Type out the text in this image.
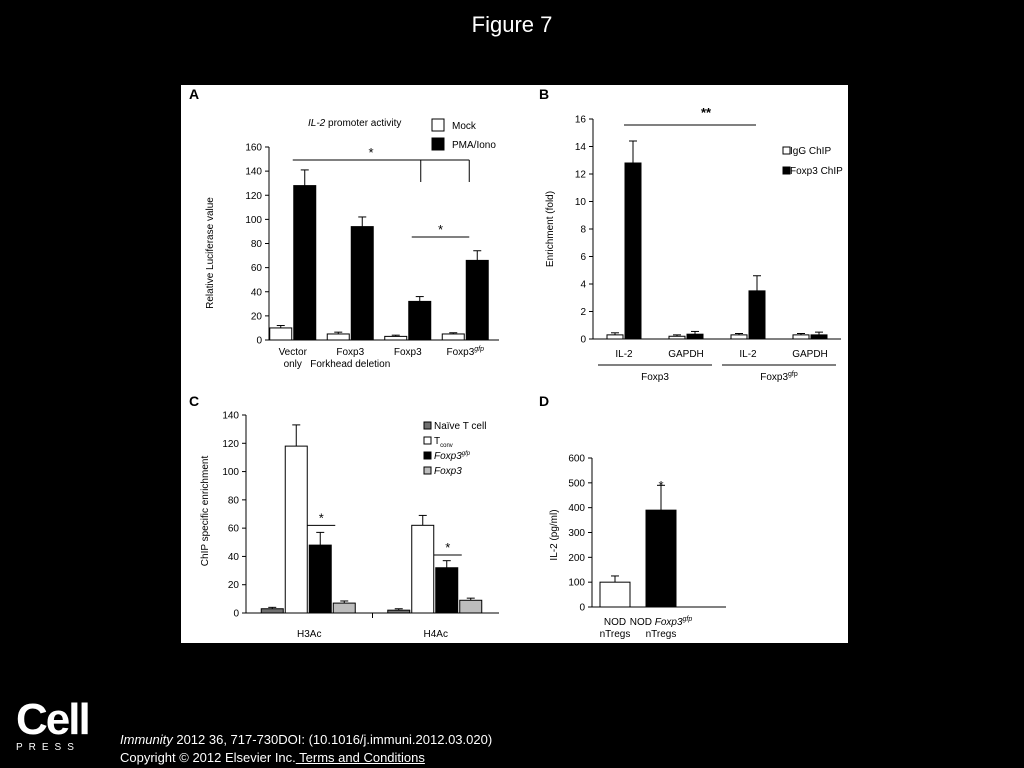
Figure 7
A	B
C	D
0
20
40
60
80
100
120
140
160
IL-2 promoter activity
Relative Luciferase value
Vector
only
Foxp3
Forkhead deletion
Foxp3 $Foxp3^{gfp}$
*
*
Mock
PMA/Iono
0
2
4
6
8
10
12
14
16
Enrichment (fold)
IL-2	GAPDH	IL-2	GAPDH
Foxp3	$Foxp3^{gfp}$
**
IgG ChIP
Foxp3 ChIP
0
20
40
60
80
100
120
140
ChIP specific enrichment
H3Ac
*
H4Ac
*
Naïve T cell
$T_{conv}$
$Foxp3^{gfp}$
Foxp3
0
100
200
300
400
500
600
IL-2 (pg/ml)
NOD
nTregs
NOD $Foxp3^{gfp}$
nTregs
*
Cell
PRESS
Immunity 2012 36, 717-730DOI: (10.1016/j.immuni.2012.03.020)
Copyright © 2012 Elsevier Inc. Terms and Conditions
